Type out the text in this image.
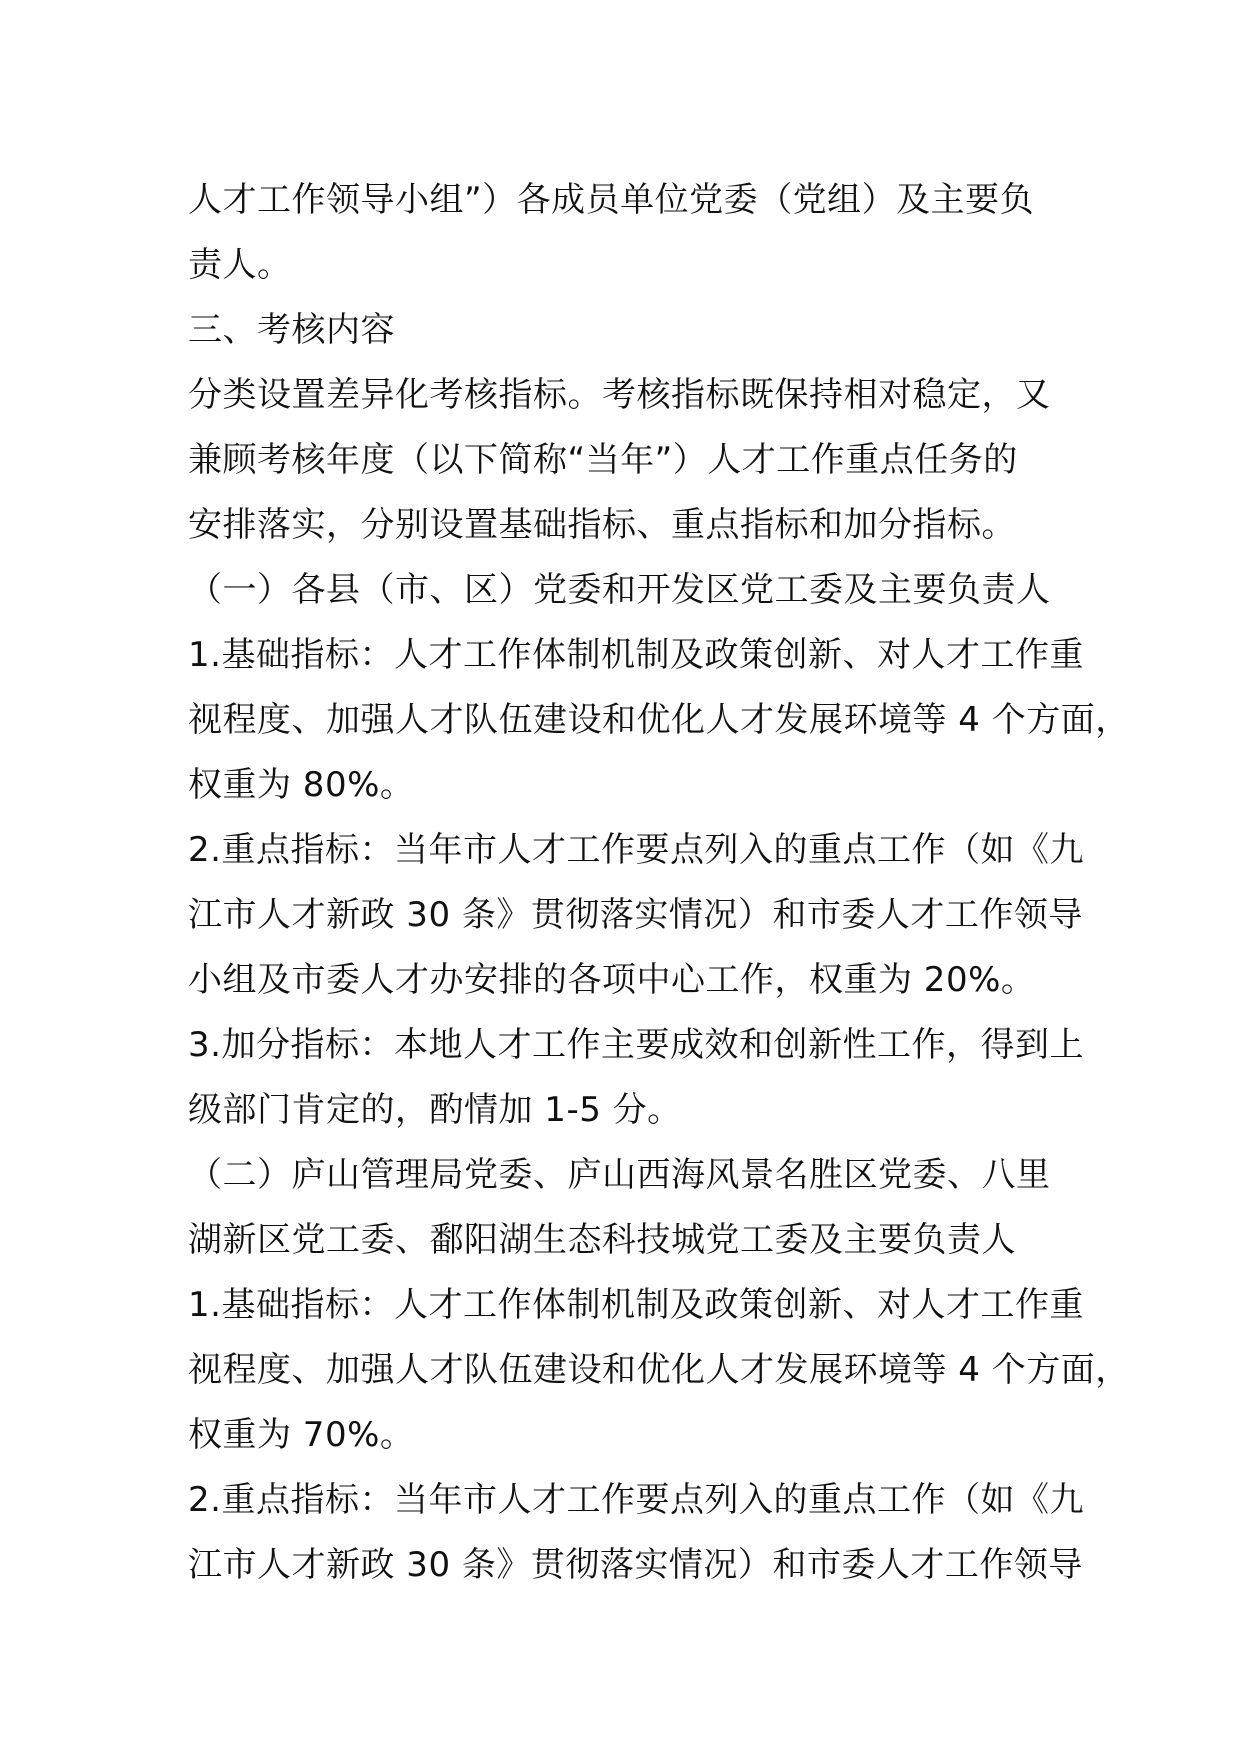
人才工作领导小组”）各成员单位党委（党组）及主要负
责人。
三、考核内容
分类设置差异化考核指标。考核指标既保持相对稳定，又
兼顾考核年度（以下简称“当年”）人才工作重点任务的
安排落实，分别设置基础指标、重点指标和加分指标。
（一）各县（市、区）党委和开发区党工委及主要负责人
1.基础指标：人才工作体制机制及政策创新、对人才工作重
视程度、加强人才队伍建设和优化人才发展环境等 4 个方面，
权重为 80%。
2.重点指标：当年市人才工作要点列入的重点工作（如《九
江市人才新政 30 条》贯彻落实情况）和市委人才工作领导
小组及市委人才办安排的各项中心工作，权重为 20%。
3.加分指标：本地人才工作主要成效和创新性工作，得到上
级部门肯定的，酌情加 1-5 分。
（二）庐山管理局党委、庐山西海风景名胜区党委、八里
湖新区党工委、鄱阳湖生态科技城党工委及主要负责人
1.基础指标：人才工作体制机制及政策创新、对人才工作重
视程度、加强人才队伍建设和优化人才发展环境等 4 个方面，
权重为 70%。
2.重点指标：当年市人才工作要点列入的重点工作（如《九
江市人才新政 30 条》贯彻落实情况）和市委人才工作领导
